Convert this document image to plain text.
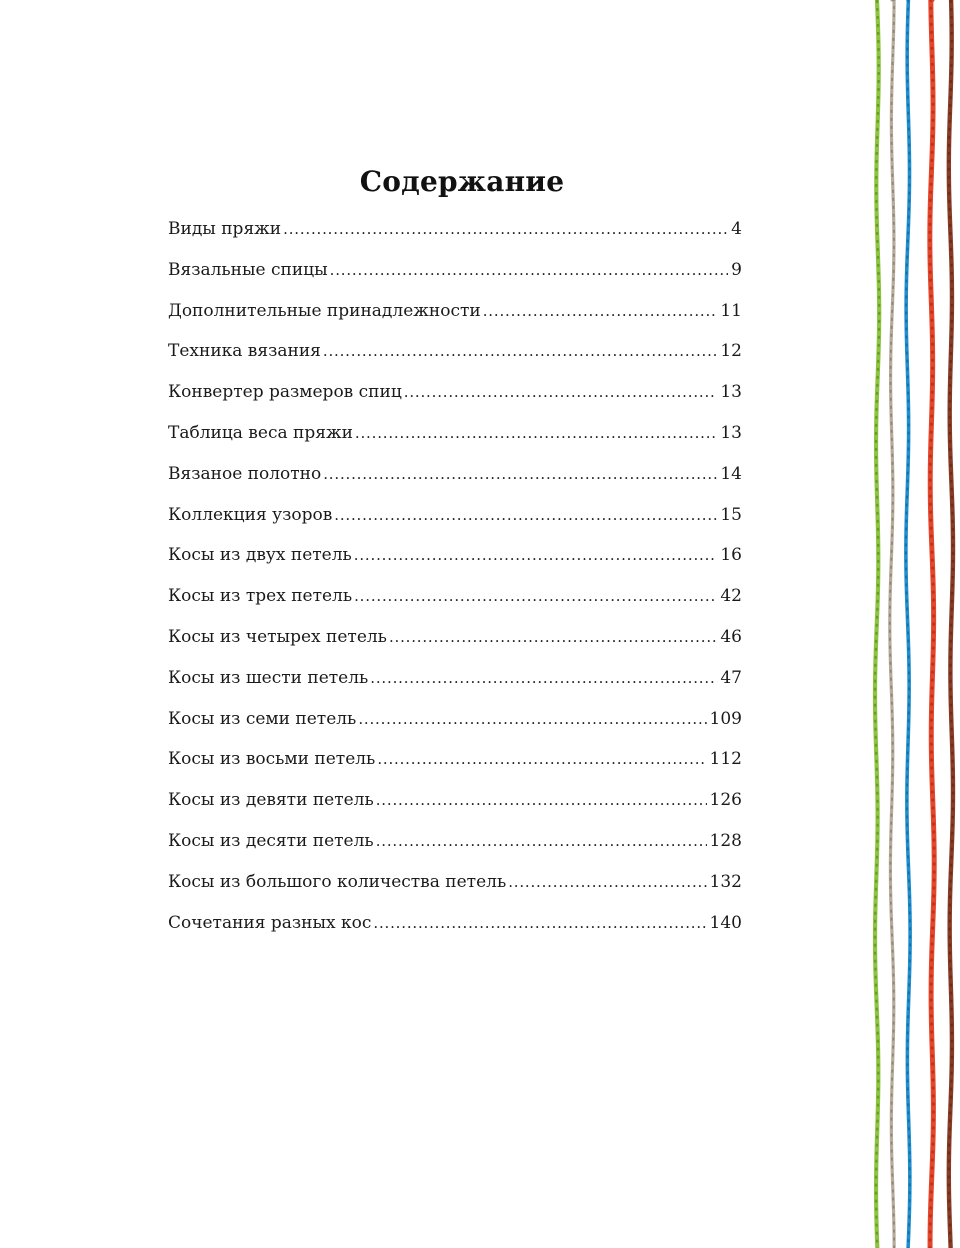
Содержание
Виды пряжи .....	4
Вязальные спицы .....	9
Дополнительные принадлежности .....	11
Техника вязания .....	12
Конвертер размеров спиц .....	13
Таблица веса пряжи .....	13
Вязаное полотно .....	14
Коллекция узоров .....	15
Косы из двух петель .....	16
Косы из трех петель .....	42
Косы из четырех петель .....	46
Косы из шести петель .....	47
Косы из семи петель .....	109
Косы из восьми петель .....	112
Косы из девяти петель .....	126
Косы из десяти петель .....	128
Косы из большого количества петель .....	132
Сочетания разных кос .....	140
